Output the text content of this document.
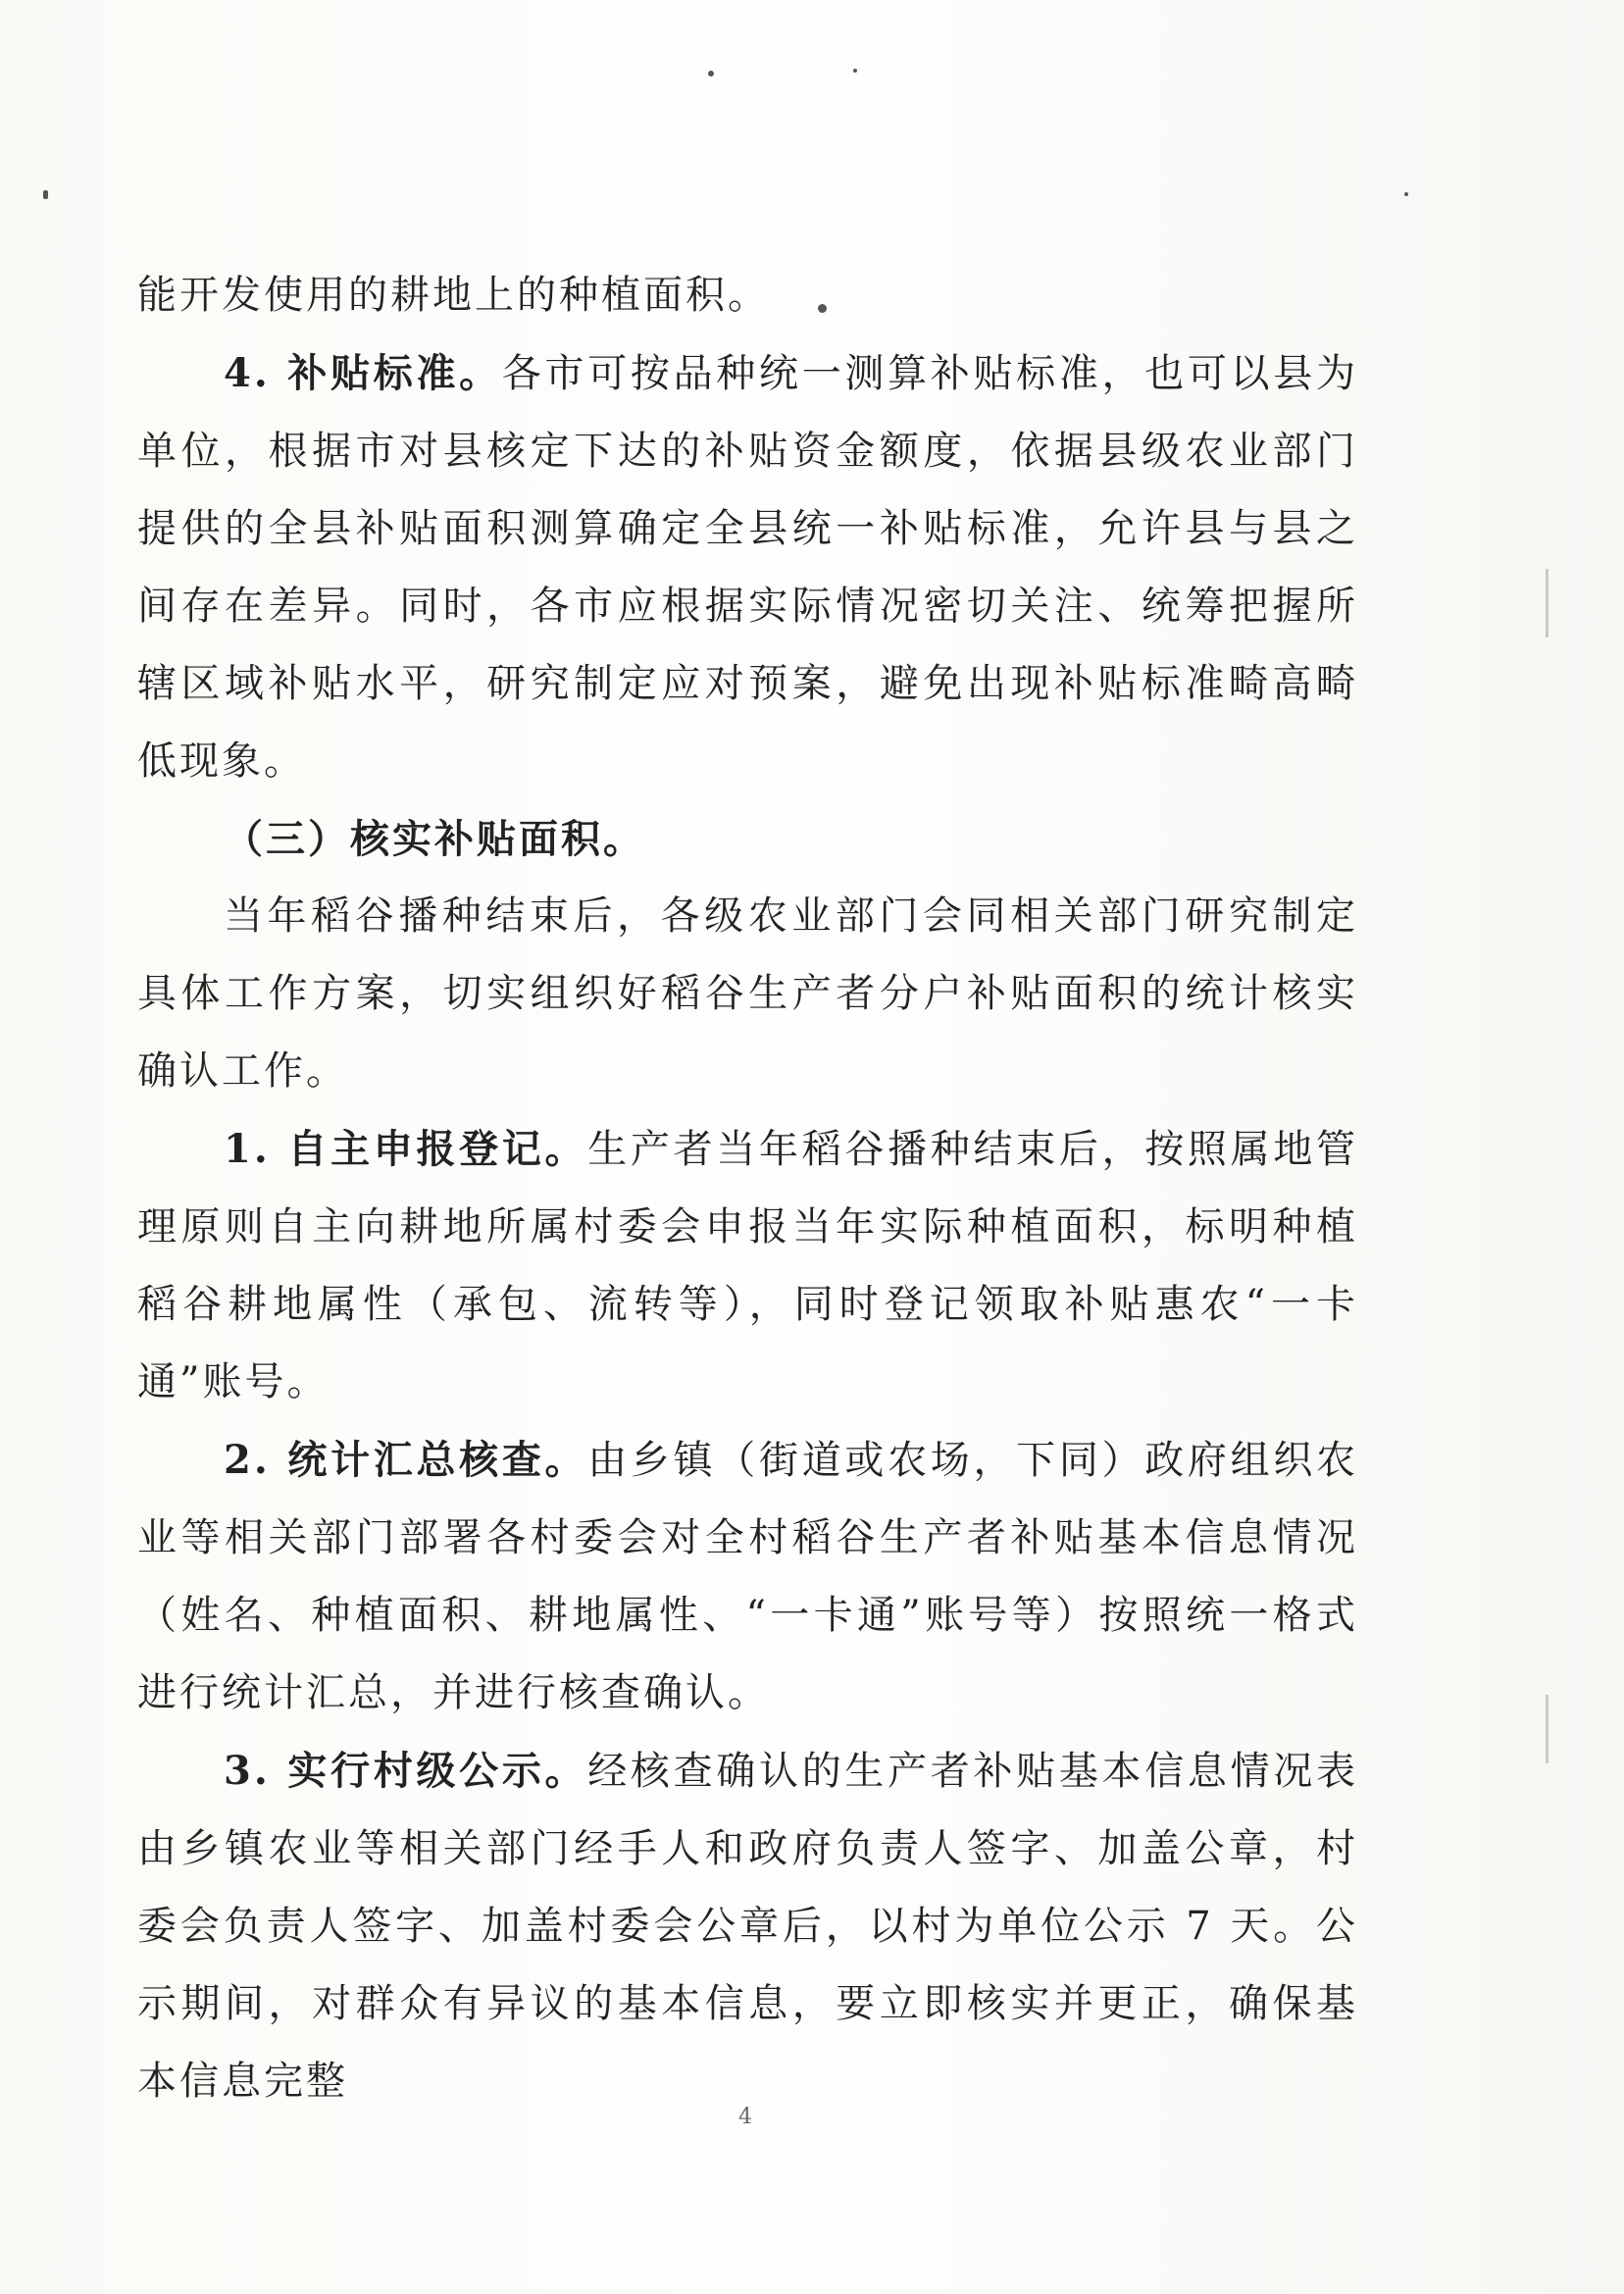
能开发使用的耕地上的种植面积。

4. 补贴标准。各市可按品种统一测算补贴标准，也可以县为单位，根据市对县核定下达的补贴资金额度，依据县级农业部门提供的全县补贴面积测算确定全县统一补贴标准，允许县与县之间存在差异。同时，各市应根据实际情况密切关注、统筹把握所辖区域补贴水平，研究制定应对预案，避免出现补贴标准畸高畸低现象。

（三）核实补贴面积。

当年稻谷播种结束后，各级农业部门会同相关部门研究制定具体工作方案，切实组织好稻谷生产者分户补贴面积的统计核实确认工作。

1. 自主申报登记。生产者当年稻谷播种结束后，按照属地管理原则自主向耕地所属村委会申报当年实际种植面积，标明种植稻谷耕地属性（承包、流转等），同时登记领取补贴惠农“一卡通”账号。

2. 统计汇总核查。由乡镇（街道或农场，下同）政府组织农业等相关部门部署各村委会对全村稻谷生产者补贴基本信息情况（姓名、种植面积、耕地属性、“一卡通”账号等）按照统一格式进行统计汇总，并进行核查确认。

3. 实行村级公示。经核查确认的生产者补贴基本信息情况表由乡镇农业等相关部门经手人和政府负责人签字、加盖公章，村委会负责人签字、加盖村委会公章后，以村为单位公示 7 天。公示期间，对群众有异议的基本信息，要立即核实并更正，确保基本信息完整

4
